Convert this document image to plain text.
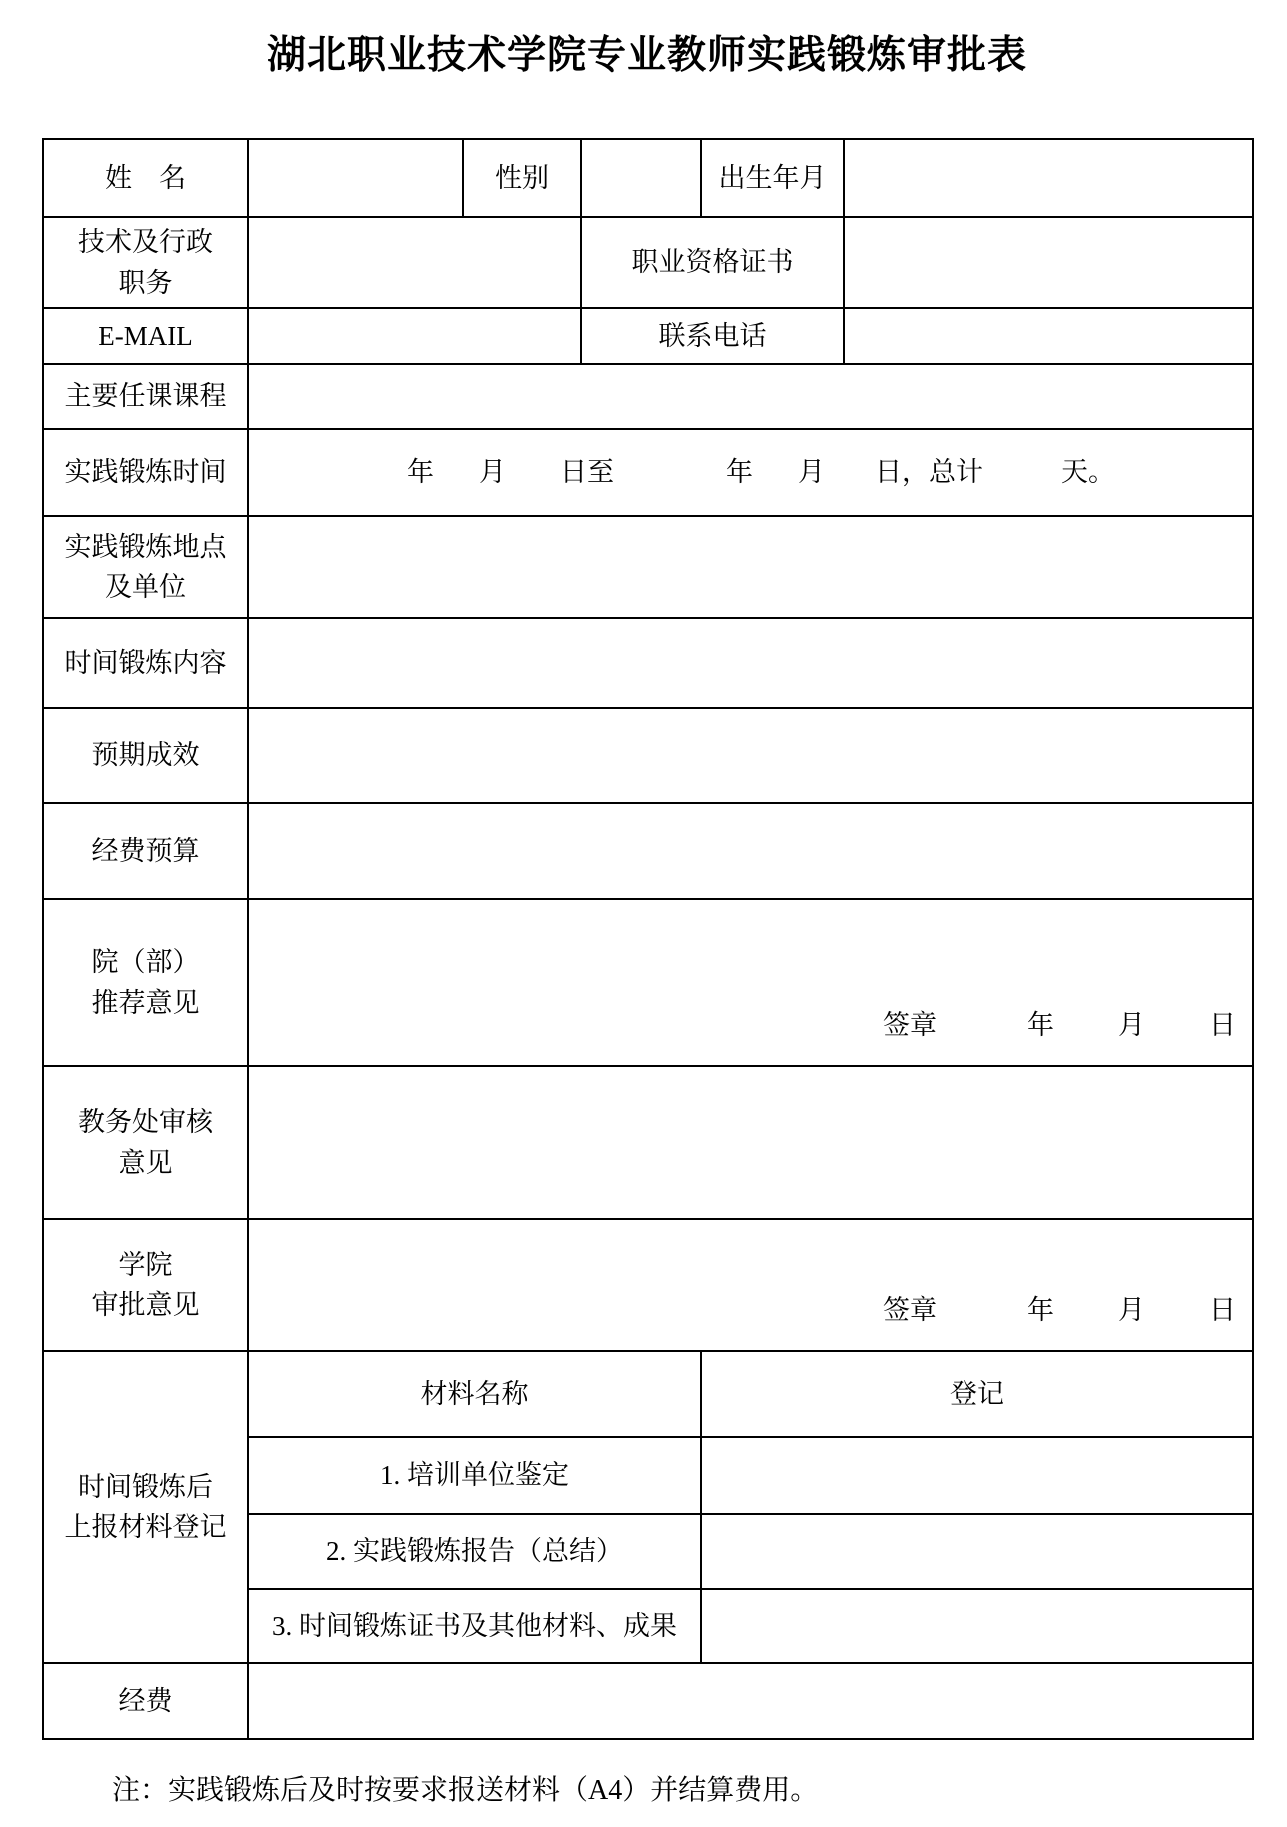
湖北职业技术学院专业教师实践锻炼审批表
姓　名		性别		出生年月	

技术及行政
职务			职业资格证书		
E-MAIL			联系电话		
主要任课课程					
实践锻炼时间	年 月 日至	年 月 日，总计	天。

实践锻炼地点
及单位					

时间锻炼内容					
预期成效					
经费预算					

院（部）
推荐意见

签章	年 月 日

教务处审核
意见					

学院
审批意见	签章	年 月 日

时间锻炼后
上报材料登记	材料名称			登记	
	1. 培训单位鉴定				
	2. 实践锻炼报告（总结）				
	3. 时间锻炼证书及其他材料、成果				
经费					
注：实践锻炼后及时按要求报送材料（A4）并结算费用。
